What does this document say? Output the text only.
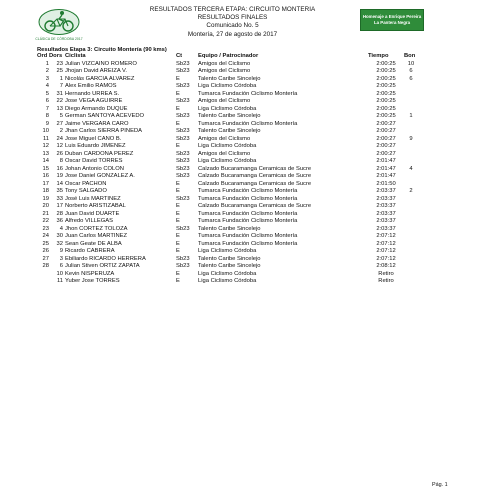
CLÁSICA DE CÓRDOBA 2017
RESULTADOS TERCERA ETAPA: CIRCUITO MONTERIA
RESULTADOS FINALES
Comunicado No. 5
Montería, 27 de agosto de 2017
Homenaje a Enrique Pereira
La Pantera Negra
Resultados Etapa 3: Circuito Montería (90 kms)
Ord	Dors	Ciclista	Ct	Equipo / Patrocinador	Tiempo	Bon
1	23	Julian VIZCAINO ROMERO	Sb23	Amigos del Ciclismo	2:00:25	10
2	25	Jhojan David AREIZA V.	Sb23	Amigos del Ciclismo	2:00:25	6
3	1	Nicolás GARCIA ALVAREZ	E	Talento Caribe Sincelejo	2:00:25	6
4	7	Alex Emilio RAMOS	Sb23	Liga Ciclismo Córdoba	2:00:25	
5	31	Hernando URREA S.	E	Tumarca Fundación Ciclismo Montería	2:00:25	
6	22	Jose VEGA AGUIRRE	Sb23	Amigos del Ciclismo	2:00:25	
7	13	Diego Armando DUQUE	E	Liga Ciclismo Córdoba	2:00:25	
8	5	German SANTOYA ACEVEDO	Sb23	Talento Caribe Sincelejo	2:00:25	1
9	27	Jaime VERGARA CARO	E	Tumarca Fundación Ciclismo Montería	2:00:27	
10	2	Jhan Carlos SIERRA PINEDA	Sb23	Talento Caribe Sincelejo	2:00:27	
11	24	Jose Miguel CANO B.	Sb23	Amigos del Ciclismo	2:00:27	9
12	12	Luis Eduardo JIMENEZ	E	Liga Ciclismo Córdoba	2:00:27	
13	26	Duban CARDONA PEREZ	Sb23	Amigos del Ciclismo	2:00:27	
14	8	Oscar David TORRES	Sb23	Liga Ciclismo Córdoba	2:01:47	
15	16	Johan Antonio COLON	Sb23	Calzado Bucaramanga Ceramicas de Sucre	2:01:47	4
16	19	Jose Daniel GONZALEZ A.	Sb23	Calzado Bucaramanga Ceramicas de Sucre	2:01:47	
17	14	Oscar PACHON	E	Calzado Bucaramanga Ceramicas de Sucre	2:01:50	
18	35	Tony SALGADO	E	Tumarca Fundación Ciclismo Montería	2:03:37	2
19	33	José Luis MARTINEZ	Sb23	Tumarca Fundación Ciclismo Montería	2:03:37	
20	17	Norberto ARISTIZABAL	E	Calzado Bucaramanga Ceramicas de Sucre	2:03:37	
21	28	Juan David DUARTE	E	Tumarca Fundación Ciclismo Montería	2:03:37	
22	36	Alfredo VILLEGAS	E	Tumarca Fundación Ciclismo Montería	2:03:37	
23	4	Jhon CORTEZ TOLOZA	Sb23	Talento Caribe Sincelejo	2:03:37	
24	30	Juan Carlos MARTINEZ	E	Tumarca Fundación Ciclismo Montería	2:07:12	
25	32	Sean Geate DE ALBA	E	Tumarca Fundación Ciclismo Montería	2:07:12	
26	9	Ricardo CABRERA	E	Liga Ciclismo Córdoba	2:07:12	
27	3	Ebiliardo RICARDO HERRERA	Sb23	Talento Caribe Sincelejo	2:07:12	
28	6	Julian Stiven ORTIZ ZAPATA	Sb23	Talento Caribe Sincelejo	2:08:12	
	10	Kevin NISPERUZA	E	Liga Ciclismo Córdoba	Retiro	
	11	Yuber Jose TORRES	E	Liga Ciclismo Córdoba	Retiro	
Pág. 1
